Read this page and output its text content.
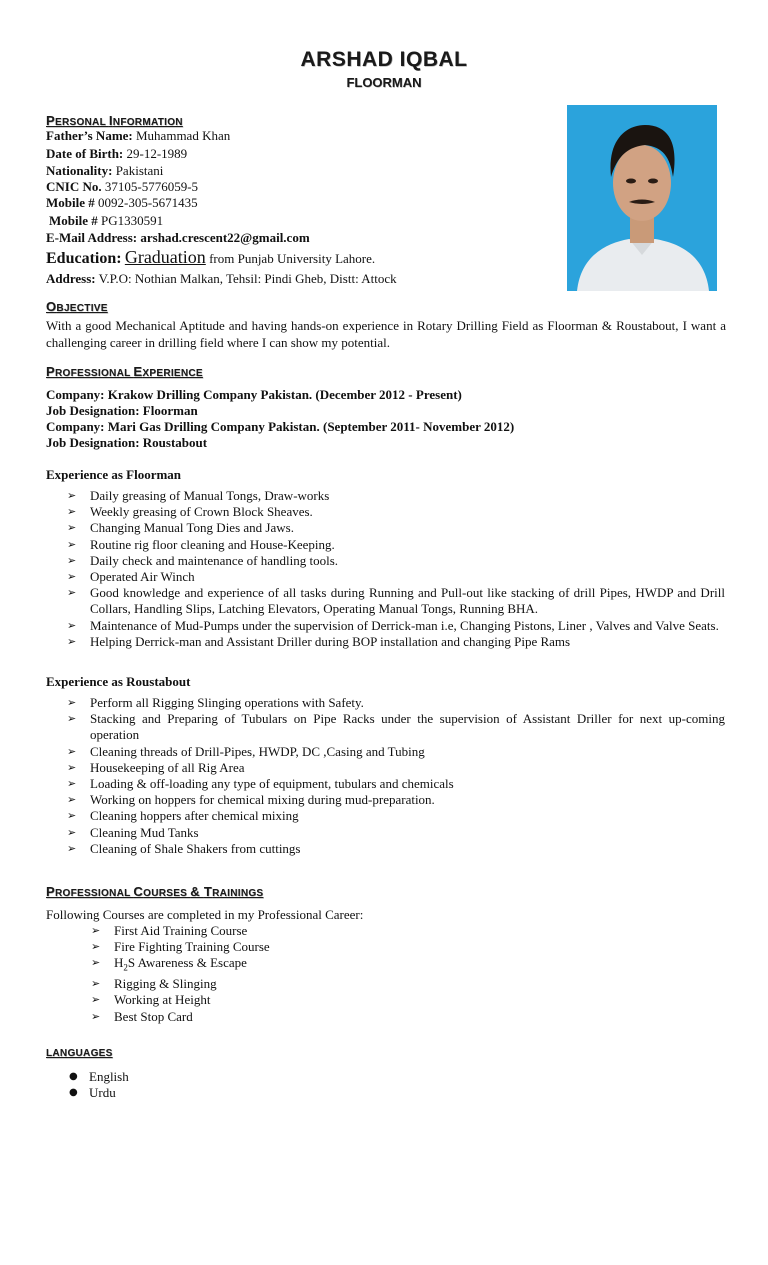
ARSHAD IQBAL
FLOORMAN
PERSONAL INFORMATION
Father’s Name: Muhammad Khan
Date of Birth: 29-12-1989
Nationality: Pakistani
CNIC No. 37105-5776059-5
Mobile # 0092-305-5671435
Mobile # PG1330591
E-Mail Address: arshad.crescent22@gmail.com
Education: Graduation from Punjab University Lahore.
Address: V.P.O: Nothian Malkan, Tehsil: Pindi Gheb, Distt: Attock
OBJECTIVE
With a good Mechanical Aptitude and having hands-on experience in Rotary Drilling Field as Floorman & Roustabout, I want a challenging career in drilling field where I can show my potential.
PROFESSIONAL EXPERIENCE
Company: Krakow Drilling Company Pakistan. (December 2012 - Present)
Job Designation: Floorman
Company: Mari Gas Drilling Company Pakistan. (September 2011- November 2012)
Job Designation: Roustabout
Experience as Floorman
➢ Daily greasing of Manual Tongs, Draw-works
➢ Weekly greasing of Crown Block Sheaves.
➢ Changing Manual Tong Dies and Jaws.
➢ Routine rig floor cleaning and House-Keeping.
➢ Daily check and maintenance of handling tools.
➢ Operated Air Winch
➢ Good knowledge and experience of all tasks during Running and Pull-out like stacking of drill Pipes, HWDP and Drill Collars, Handling Slips, Latching Elevators, Operating Manual Tongs, Running BHA.
➢ Maintenance of Mud-Pumps under the supervision of Derrick-man i.e, Changing Pistons, Liner , Valves and Valve Seats.
➢ Helping Derrick-man and Assistant Driller during BOP installation and changing Pipe Rams
Experience as Roustabout
➢ Perform all Rigging Slinging operations with Safety.
➢ Stacking and Preparing of Tubulars on Pipe Racks under the supervision of Assistant Driller for next up-coming operation
➢ Cleaning threads of Drill-Pipes, HWDP, DC ,Casing and Tubing
➢ Housekeeping of all Rig Area
➢ Loading & off-loading any type of equipment, tubulars and chemicals
➢ Working on hoppers for chemical mixing during mud-preparation.
➢ Cleaning hoppers after chemical mixing
➢ Cleaning Mud Tanks
➢ Cleaning of Shale Shakers from cuttings
PROFESSIONAL COURSES & TRAININGS
Following Courses are completed in my Professional Career:
➢ First Aid Training Course
➢ Fire Fighting Training Course
➢ $H_2S$ Awareness & Escape
➢ Rigging & Slinging
➢ Working at Height
➢ Best Stop Card
LANGUAGES
● English
● Urdu
